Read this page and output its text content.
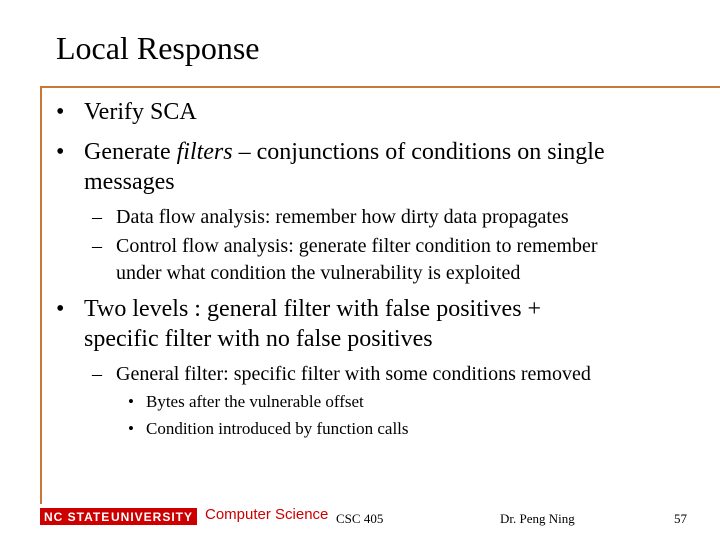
Local Response
• Verify SCA
• Generate filters – conjunctions of conditions on single
messages
– Data flow analysis: remember how dirty data propagates
– Control flow analysis: generate filter condition to remember
under what condition the vulnerability is exploited
• Two levels : general filter with false positives +
specific filter with no false positives
– General filter: specific filter with some conditions removed
• Bytes after the vulnerable offset
• Condition introduced by function calls
NC STATE UNIVERSITY Computer Science CSC 405	Dr. Peng Ning	57
